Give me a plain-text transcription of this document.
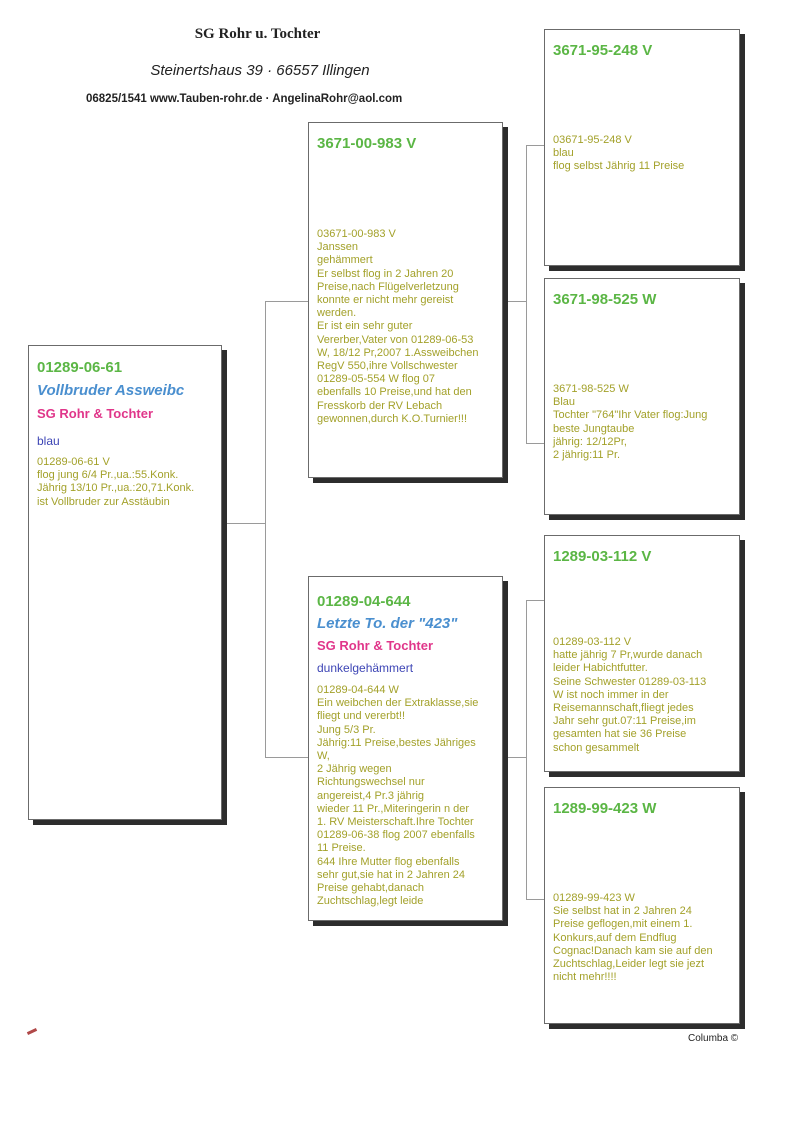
SG Rohr u. Tochter
Steinertshaus 39 · 66557 Illingen
06825/1541 www.Tauben-rohr.de · AngelinaRohr@aol.com
01289-06-61
Vollbruder Assweibc
SG Rohr & Tochter
blau
01289-06-61 V
flog jung 6/4 Pr.,ua.:55.Konk.
Jährig 13/10 Pr.,ua.:20,71.Konk.
ist Vollbruder zur Asstäubin
3671-00-983 V
03671-00-983 V
Janssen
gehämmert
Er selbst flog in 2 Jahren 20
Preise,nach Flügelverletzung
konnte er nicht mehr gereist
werden.
Er ist ein sehr guter
Vererber,Vater von 01289-06-53
W, 18/12 Pr,2007 1.Assweibchen
RegV 550,ihre Vollschwester
01289-05-554 W flog 07
ebenfalls 10 Preise,und hat den
Fresskorb der RV Lebach
gewonnen,durch K.O.Turnier!!!
01289-04-644
Letzte To. der "423"
SG Rohr & Tochter
dunkelgehämmert
01289-04-644 W
Ein weibchen der Extraklasse,sie
fliegt und vererbt!!
Jung 5/3 Pr.
Jährig:11 Preise,bestes Jähriges
W,
2 Jährig wegen
Richtungswechsel nur
angereist,4 Pr.3 jährig
wieder 11 Pr.,Miteringerin n der
1. RV Meisterschaft.Ihre Tochter
01289-06-38 flog 2007 ebenfalls
11 Preise.
644 Ihre Mutter flog ebenfalls
sehr gut,sie hat in 2 Jahren 24
Preise gehabt,danach
Zuchtschlag,legt leide
3671-95-248 V
03671-95-248 V
blau
flog selbst Jährig 11 Preise
3671-98-525 W
3671-98-525 W
Blau
Tochter "764"Ihr Vater flog:Jung
beste Jungtaube
jährig: 12/12Pr,
2 jährig:11 Pr.
1289-03-112 V
01289-03-112 V
hatte jährig 7 Pr,wurde danach
leider Habichtfutter.
Seine Schwester 01289-03-113
W ist noch immer in der
Reisemannschaft,fliegt jedes
Jahr sehr gut.07:11 Preise,im
gesamten hat sie 36 Preise
schon gesammelt
1289-99-423 W
01289-99-423 W
Sie selbst hat in 2 Jahren 24
Preise geflogen,mit einem 1.
Konkurs,auf dem Endflug
Cognac!Danach kam sie auf den
Zuchtschlag,Leider legt sie jezt
nicht mehr!!!!
Columba ©
